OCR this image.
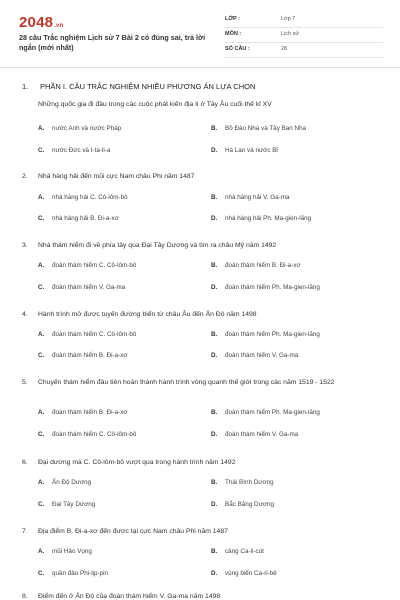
2048.vn
28 câu Trắc nghiệm Lịch sử 7 Bài 2 có đúng sai, trả lời ngắn (mới nhất)
LỚP :	Lớp 7
MÔN :	Lịch sử
SỐ CÂU :	28
1. PHẦN I. CÂU TRẮC NGHIỆM NHIỀU PHƯƠNG ÁN LỰA CHỌN
Những quốc gia đi đầu trong các cuộc phát kiến địa lí ở Tây Âu cuối thế kỉ XV
A. nước Anh và nước Pháp	B. Bồ Đào Nha và Tây Ban Nha
C. nước Đức và I-ta-li-a	D. Hà Lan và nước Bỉ
2.	Nhà hàng hải đến mũi cực Nam châu Phi năm 1487
A. nhà hàng hải C. Cô-lôm-bô	B. nhà hàng hải V. Ga-ma
C. nhà hàng hải B. Đi-a-xơ	D. nhà hàng hải Ph. Ma-gien-lăng
3.	Nhà thám hiểm đi về phía tây qua Đại Tây Dương và tìm ra châu Mỹ năm 1492
A. đoàn thám hiểm C. Cô-lôm-bô	B. đoàn thám hiểm B. Đi-a-xơ
C. đoàn thám hiểm V. Ga-ma	D. đoàn thám hiểm Ph. Ma-gien-lăng
4.	Hành trình mở được tuyến đường biển từ châu Âu đến Ấn Độ năm 1498
A. đoàn thám hiểm C. Cô-lôm-bô	B. đoàn thám hiểm Ph. Ma-gien-lăng
C. đoàn thám hiểm B. Đi-a-xơ	D. đoàn thám hiểm V. Ga-ma
5.	Chuyến thám hiểm đầu tiên hoàn thành hành trình vòng quanh thế giới trong các năm 1519 - 1522
A. đoàn thám hiểm B. Đi-a-xơ	B. đoàn thám hiểm Ph. Ma-gien-lăng
C. đoàn thám hiểm C. Cô-lôm-bô	D. đoàn thám hiểm V. Ga-ma
6.	Đại dương mà C. Cô-lôm-bô vượt qua trong hành trình năm 1492
A. Ấn Độ Dương	B. Thái Bình Dương
C. Đại Tây Dương	D. Bắc Băng Dương
7.	Địa điểm B. Đi-a-xơ đến được tại cực Nam châu Phi năm 1487
A. mũi Hảo Vọng	B. cảng Ca-li-cút
C. quần đảo Phi-lip-pin	D. vùng biển Ca-ri-bê
8.	Điểm đến ở Ấn Độ của đoàn thám hiểm V. Ga-ma năm 1498
